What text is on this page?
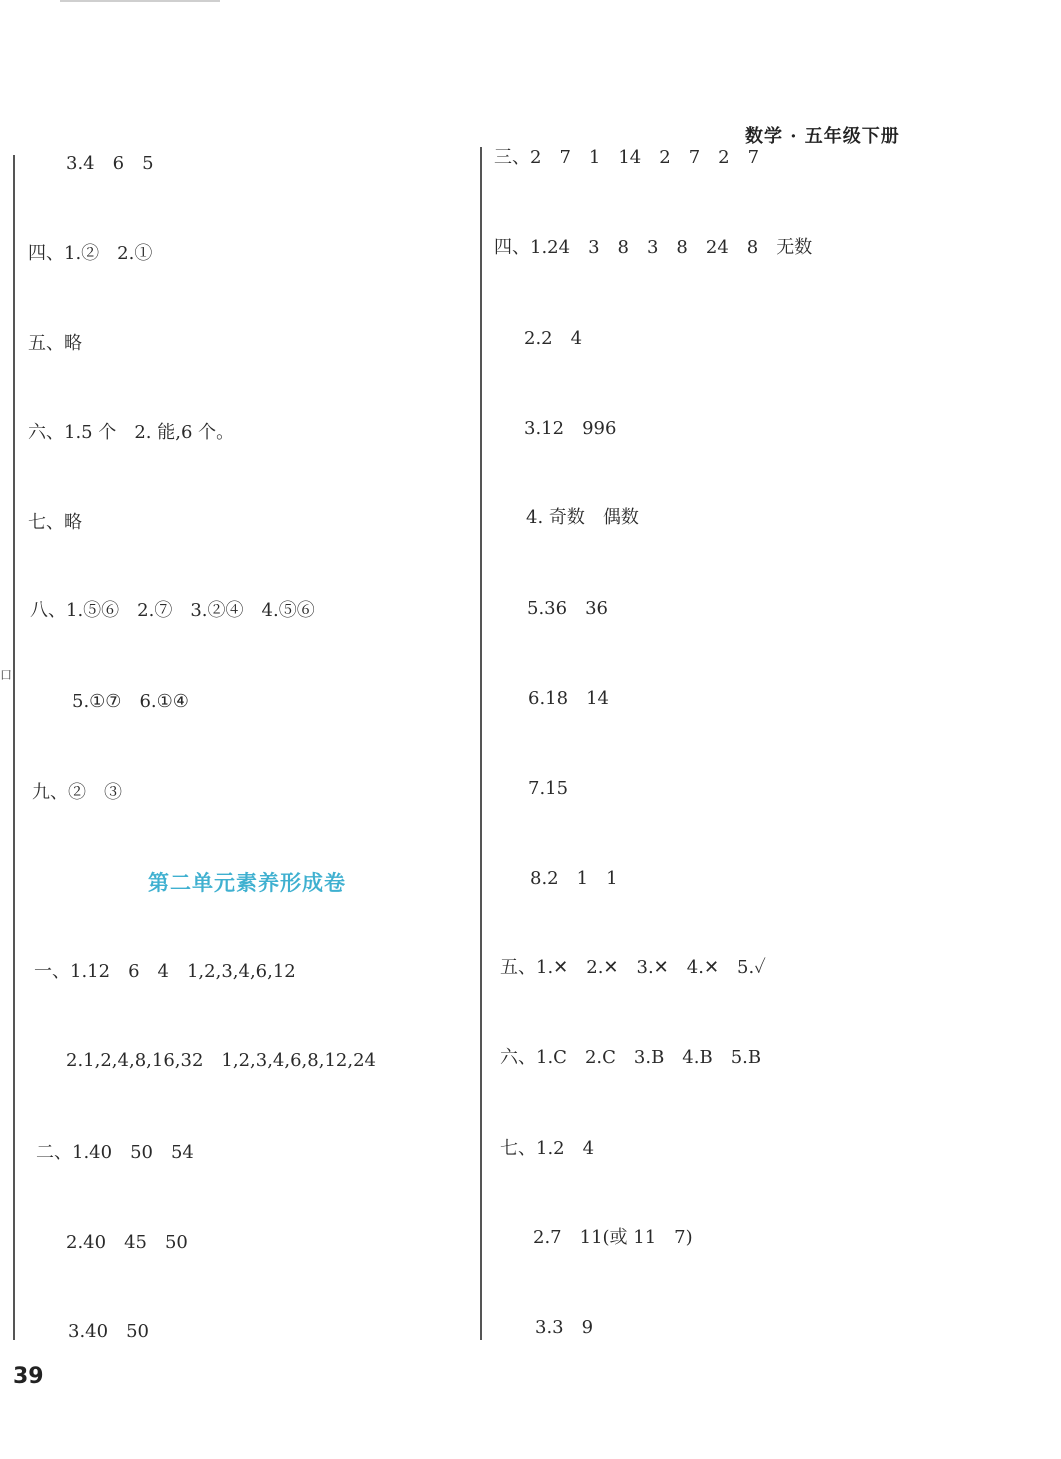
数学 · 五年级下册
口
3.4　6　5
四、1.②　2.①
五、略
六、1.5 个　2. 能,6 个。
七、略
八、1.⑤⑥　2.⑦　3.②④　4.⑤⑥
5.①⑦　6.①④
九、②　③
第二单元素养形成卷
一、1.12　6　4　1,2,3,4,6,12
2.1,2,4,8,16,32　1,2,3,4,6,8,12,24
二、1.40　50　54
2.40　45　50
3.40　50
三、2　7　1　14　2　7　2　7
四、1.24　3　8　3　8　24　8　无数
2.2　4
3.12　996
4. 奇数　偶数
5.36　36
6.18　14
7.15
8.2　1　1
五、1.✕　2.✕　3.✕　4.✕　5.✓
六、1.C　2.C　3.B　4.B　5.B
七、1.2　4
2.7　11(或 11　7)
3.3　9
39
